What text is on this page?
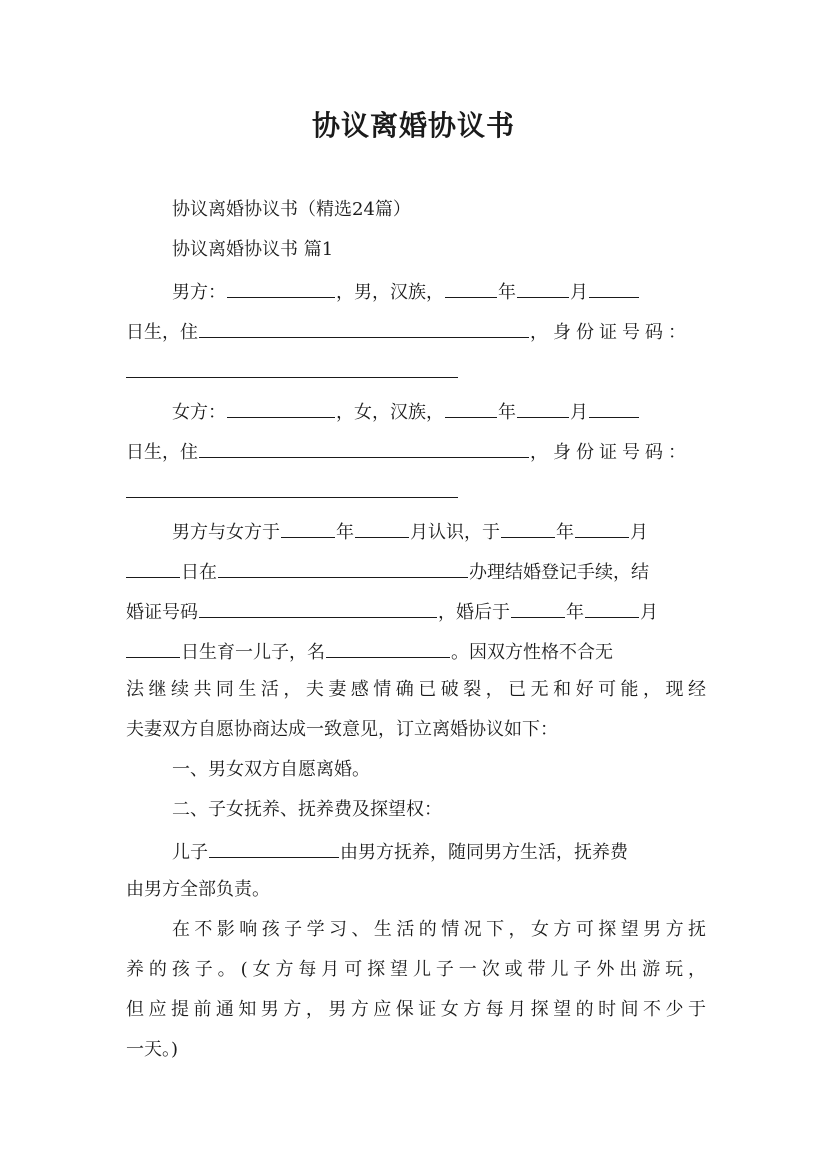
协议离婚协议书
协议离婚协议书（精选24篇）
协议离婚协议书 篇1
男方：	，男，汉族，	年	月
日生，住	，身份证号码：
女方：	，女，汉族，	年	月
日生，住	，身份证号码：
男方与女方于	年	月认识，于	年	月
日在	办理结婚登记手续，结
婚证号码	，婚后于	年	月
日生育一儿子，名	。因双方性格不合无
法继续共同生活，夫妻感情确已破裂，已无和好可能，现经
夫妻双方自愿协商达成一致意见，订立离婚协议如下：
一、男女双方自愿离婚。
二、子女抚养、抚养费及探望权：
儿子	由男方抚养，随同男方生活，抚养费
由男方全部负责。
在不影响孩子学习、生活的情况下，女方可探望男方抚
养的孩子。(女方每月可探望儿子一次或带儿子外出游玩，
但应提前通知男方，男方应保证女方每月探望的时间不少于
一天。)
